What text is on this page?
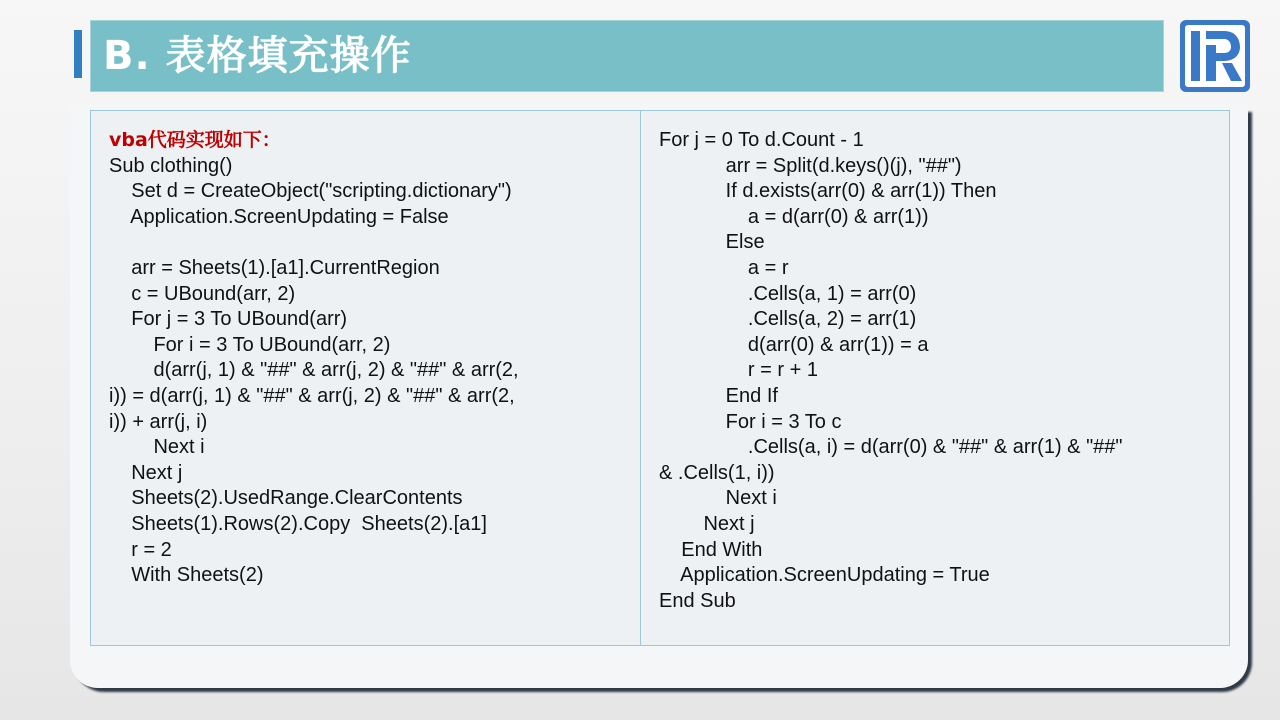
B. 表格填充操作
vba代码实现如下：
Sub clothing()
Set d = CreateObject("scripting.dictionary")
Application.ScreenUpdating = False
arr = Sheets(1).[a1].CurrentRegion
c = UBound(arr, 2)
For j = 3 To UBound(arr)
For i = 3 To UBound(arr, 2)
d(arr(j, 1) & "##" & arr(j, 2) & "##" & arr(2,
i)) = d(arr(j, 1) & "##" & arr(j, 2) & "##" & arr(2,
i)) + arr(j, i)
Next i
Next j
Sheets(2).UsedRange.ClearContents
Sheets(1).Rows(2).Copy  Sheets(2).[a1]
r = 2
With Sheets(2)
For j = 0 To d.Count - 1
arr = Split(d.keys()(j), "##")
If d.exists(arr(0) & arr(1)) Then
a = d(arr(0) & arr(1))
Else
a = r
.Cells(a, 1) = arr(0)
.Cells(a, 2) = arr(1)
d(arr(0) & arr(1)) = a
r = r + 1
End If
For i = 3 To c
.Cells(a, i) = d(arr(0) & "##" & arr(1) & "##"
& .Cells(1, i))
Next i
Next j
End With
Application.ScreenUpdating = True
End Sub
